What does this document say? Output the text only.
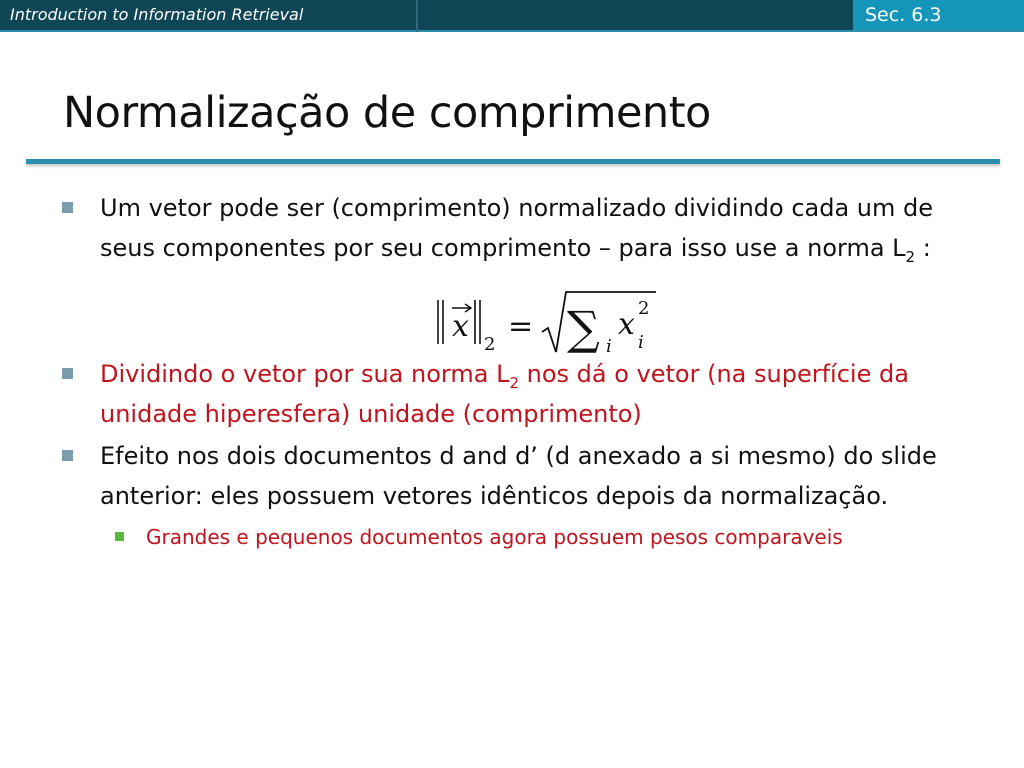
Introduction to Information Retrieval	Sec. 6.3
Normalização de comprimento
Um vetor pode ser (comprimento) normalizado dividindo cada um de seus componentes por seu comprimento – para isso use a norma $L_2$ :
Dividindo o vetor por sua norma $L_2$ nos dá o vetor (na superfície da unidade hiperesfera) unidade (comprimento)
Efeito nos dois documentos d and d’ (d anexado a si mesmo) do slide anterior: eles possuem vetores idênticos depois da normalização.
Grandes e pequenos documentos agora possuem pesos comparaveis
x
2
= ∑ i
x 2
i
